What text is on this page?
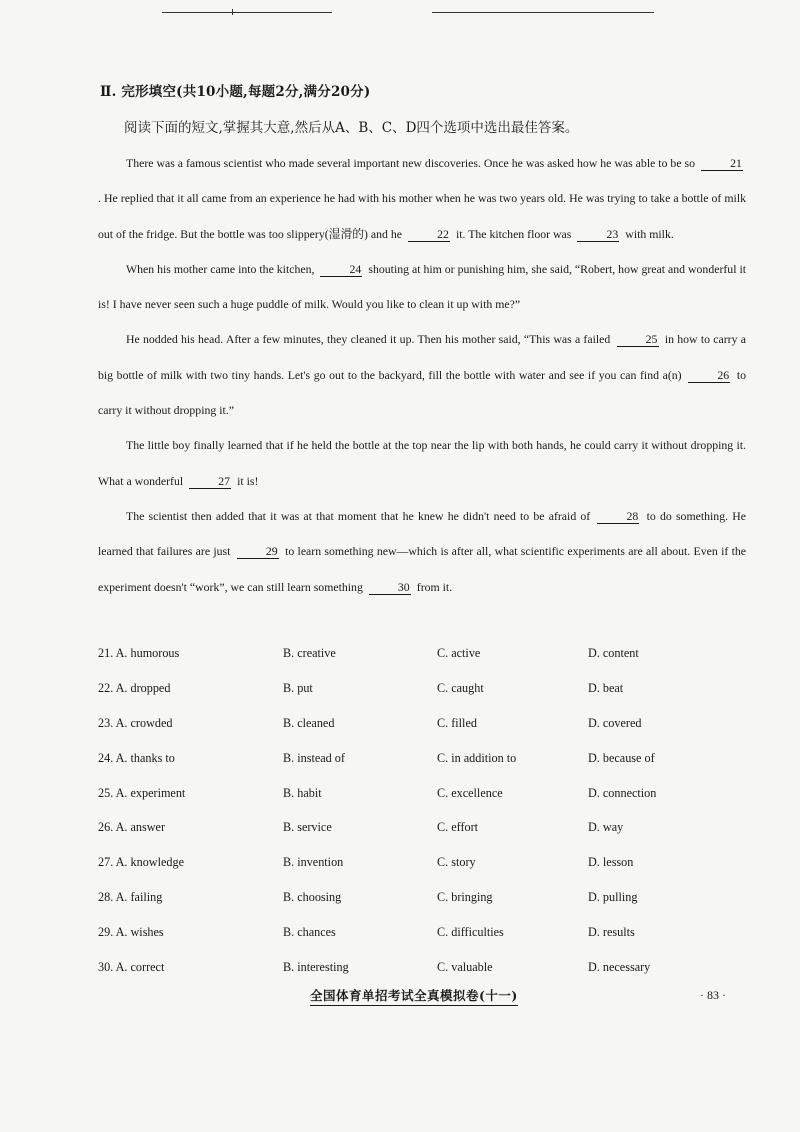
Ⅱ. 完形填空(共10小题,每题2分,满分20分)
阅读下面的短文,掌握其大意,然后从A、B、C、D四个选项中选出最佳答案。

There was a famous scientist who made several important new discoveries. Once he was asked how he was able to be so	21 . He replied that it all came from an experience he had with his mother when he was two years old. He was trying to take a bottle of milk out of the fridge. But the bottle was too slippery(湿滑的) and he	22 it. The kitchen floor was	23 with milk.

When his mother came into the kitchen,	24 shouting at him or punishing him, she said, “Robert, how great and wonderful it is! I have never seen such a huge puddle of milk. Would you like to clean it up with me?”

He nodded his head. After a few minutes, they cleaned it up. Then his mother said, “This was a failed	25 in how to carry a big bottle of milk with two tiny hands. Let's go out to the backyard, fill the bottle with water and see if you can find a(n)	26 to carry it without dropping it.”

The little boy finally learned that if he held the bottle at the top near the lip with both hands, he could carry it without dropping it. What a wonderful	27 it is!

The scientist then added that it was at that moment that he knew he didn't need to be afraid of	28 to do something. He learned that failures are just	29 to learn something new—which is after all, what scientific experiments are all about. Even if the experiment doesn't “work”, we can still learn something	30 from it.

21. A. humorous	B. creative	C. active	D. content
22. A. dropped	B. put	C. caught	D. beat
23. A. crowded	B. cleaned	C. filled	D. covered
24. A. thanks to	B. instead of	C. in addition to	D. because of
25. A. experiment	B. habit	C. excellence	D. connection
26. A. answer	B. service	C. effort	D. way
27. A. knowledge	B. invention	C. story	D. lesson
28. A. failing	B. choosing	C. bringing	D. pulling
29. A. wishes	B. chances	C. difficulties	D. results
30. A. correct	B. interesting	C. valuable	D. necessary
全国体育单招考试全真模拟卷(十一)	· 83 ·
